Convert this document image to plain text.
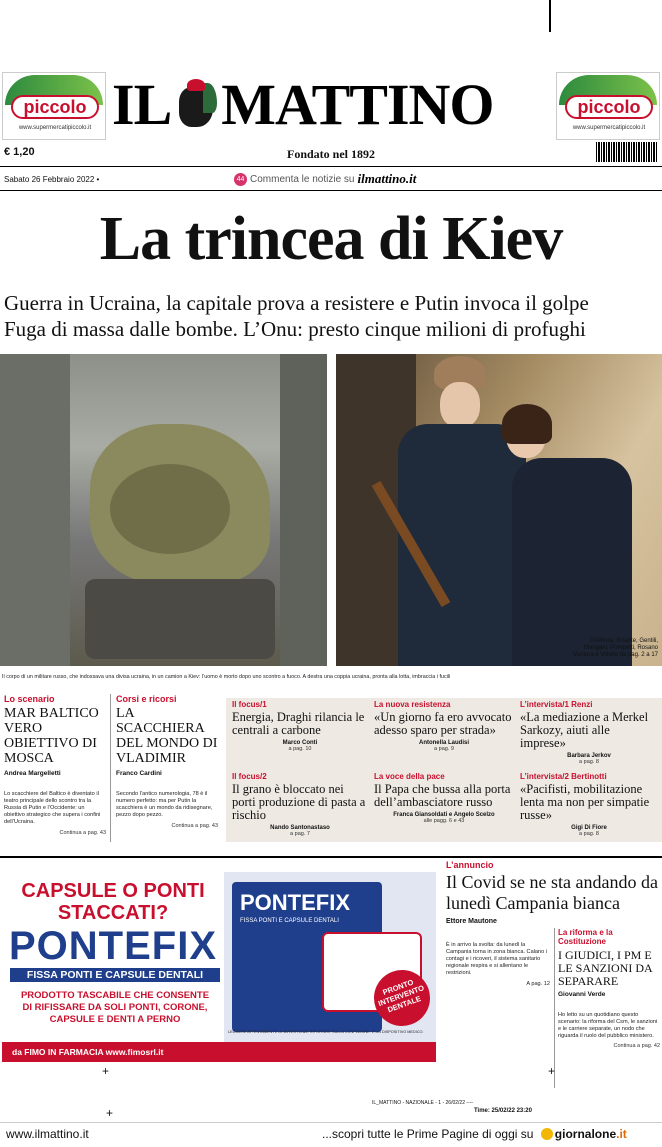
piccolo
www.supermercatipiccolo.it
piccolo
www.supermercatipiccolo.it
IL MATTINO
€ 1,20	Fondato nel 1892
Sabato 26 Febbraio 2022 •	44 Commenta le notizie su ilmattino.it
La trincea di Kiev
Guerra in Ucraina, la capitale prova a resistere e Putin invoca il golpe
Fuga di massa dalle bombe. L’Onu: presto cinque milioni di profughi
D’Amora, Errante, Gentili,
Mangani, Pompetti, Rosano
Ventura e Vitiello da pag. 2 a 17
Il corpo di un militare russo, che indossava una divisa ucraina, in un camion a Kiev: l’uomo è morto dopo uno scontro a fuoco. A destra una coppia ucraina, pronta alla lotta, imbraccia i fucili
Lo scenario
MAR BALTICO VERO OBIETTIVO DI MOSCA
Andrea Margelletti
Lo scacchiere del Baltico è diventato il teatro principale dello scontro tra la Russia di Putin e l’Occidente: un obiettivo strategico che supera i confini dell’Ucraina.
Continua a pag. 43
Corsi e ricorsi
LA SCACCHIERA DEL MONDO DI VLADIMIR
Franco Cardini
Secondo l’antico numerologia, 78 è il numero perfetto: ma per Putin la scacchiera è un mondo da ridisegnare, pezzo dopo pezzo.
Continua a pag. 43
Il focus/1
Energia, Draghi rilancia le centrali a carbone
Marco Conti
a pag. 10
La nuova resistenza
«Un giorno fa ero avvocato adesso sparo per strada»
Antonella Laudisi
a pag. 9
L’intervista/1 Renzi
«La mediazione a Merkel Sarkozy, aiuti alle imprese»
Barbara Jerkov
a pag. 8
Il focus/2
Il grano è bloccato nei porti produzione di pasta a rischio
Nando Santonastaso
a pag. 7
La voce della pace
Il Papa che bussa alla porta dell’ambasciatore russo
Franca Giansoldati e Angelo Scelzo
alle pagg. 6 e 43
L’intervista/2 Bertinotti
«Pacifisti, mobilitazione lenta ma non per simpatie russe»
Gigi Di Fiore
a pag. 8
CAPSULE O PONTI
STACCATI?
PONTEFIX
FISSA PONTI E CAPSULE DENTALI
PRODOTTO TASCABILE CHE CONSENTE
DI RIFISSARE DA SOLI PONTI, CORONE,
CAPSULE E DENTI A PERNO
PONTEFIX
FISSA PONTI E CAPSULE DENTALI
PRONTO INTERVENTO DENTALE
LEGGERE ATTENTAMENTE LE AVVERTENZE RIPORTATE SULLA CONFEZIONE. È UN DISPOSITIVO MEDICO.
da FIMO IN FARMACIA www.fimosrl.it
L’annuncio
Il Covid se ne sta andando da lunedì Campania bianca
Ettore Mautone
È in arrivo la svolta: da lunedì la Campania torna in zona bianca. Calano i contagi e i ricoveri, il sistema sanitario regionale respira e si allentano le restrizioni.
A pag. 12
La riforma e la Costituzione
I GIUDICI, I PM E LE SANZIONI DA SEPARARE
Giovanni Verde
Ho letto su un quotidiano questo scenario: la riforma del Csm, le sanzioni e le carriere separate, un nodo che riguarda il ruolo del pubblico ministero.
Continua a pag. 42
+	+
+
IL_MATTINO - NAZIONALE - 1 - 26/02/22 ----
Time: 25/02/22 23:20
www.ilmattino.it	...scopri tutte le Prime Pagine di oggi su giornalone.it
